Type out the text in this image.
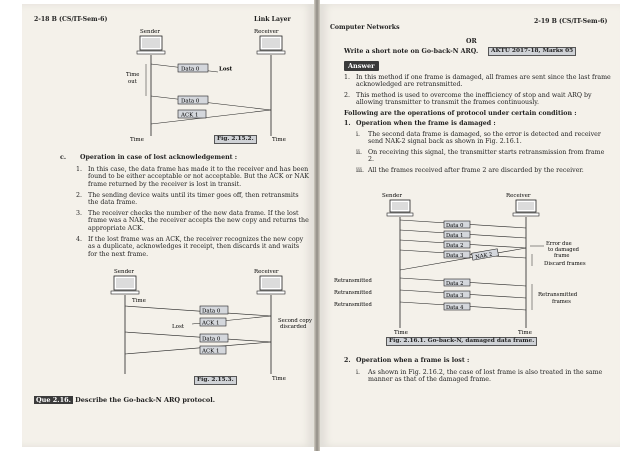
2-18 B (CS/IT-Sem-6)	Link Layer
Sender	Receiver
Time
out
Data 0	Lost
Data 0
ACK 1
Time	Time
Fig. 2.15.2.
c. Operation in case of lost acknowledgement :
1. In this case, the data frame has made it to the receiver and has been found to be either acceptable or not acceptable. But the ACK or NAK frame returned by the receiver is lost in transit.
2. The sending device waits until its timer goes off, then retransmits the data frame.
3. The receiver checks the number of the new data frame. If the lost frame was a NAK, the receiver accepts the new copy and returns the appropriate ACK.
4. If the lost frame was an ACK, the receiver recognizes the new copy as a duplicate, acknowledges it receipt, then discards it and waits for the next frame.
Sender	Receiver
Time
Data 0
ACK 1
Lost
Data 0
ACK 1
Second copy
discarded
Time
Fig. 2.15.3.
Que 2.16. Describe the Go-back-N ARQ protocol.
Computer Networks
2-19 B (CS/IT-Sem-6)
OR
Write a short note on Go-back-N ARQ.	AKTU 2017-18, Marks 05
Answer
1. In this method if one frame is damaged, all frames are sent since the last frame acknowledged are retransmitted.
2. This method is used to overcome the inefficiency of stop and wait ARQ by allowing transmitter to transmit the frames continuously.
Following are the operations of protocol under certain condition :
1. Operation when the frame is damaged :
i. The second data frame is damaged, so the error is detected and receiver send NAK-2 signal back as shown in Fig. 2.16.1.
ii. On receiving this signal, the transmitter starts retransmission from frame 2.
iii. All the frames received after frame 2 are discarded by the receiver.
Sender	Receiver
Data 0
Data 1
Data 2
Data 3 NAK 2
Data 2
Data 3
Data 4
Error due
to damaged
frame
Discard frames
Retransmitted
frames
Retransmitted
Retransmitted
Retransmitted
Time	Time
Fig. 2.16.1. Go-back-N, damaged data frame.
2. Operation when a frame is lost :
i. As shown in Fig. 2.16.2, the case of lost frame is also treated in the same manner as that of the damaged frame.
